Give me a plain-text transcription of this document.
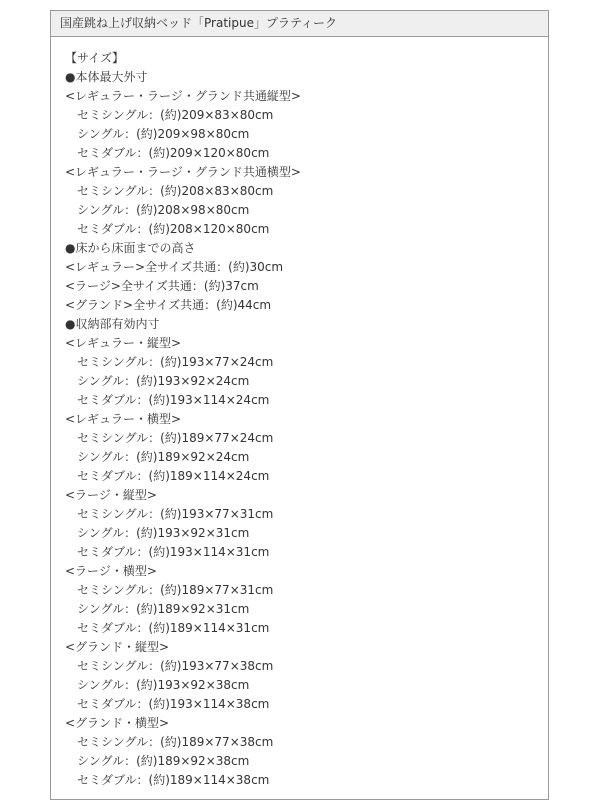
国産跳ね上げ収納ベッド「Pratipue」プラティーク
【サイズ】
●本体最大外寸
<レギュラー・ラージ・グランド共通縦型>
セミシングル：(約)209×83×80cm
シングル：(約)209×98×80cm
セミダブル：(約)209×120×80cm
<レギュラー・ラージ・グランド共通横型>
セミシングル：(約)208×83×80cm
シングル：(約)208×98×80cm
セミダブル：(約)208×120×80cm
●床から床面までの高さ
<レギュラー>全サイズ共通：(約)30cm
<ラージ>全サイズ共通：(約)37cm
<グランド>全サイズ共通：(約)44cm
●収納部有効内寸
<レギュラー・縦型>
セミシングル：(約)193×77×24cm
シングル：(約)193×92×24cm
セミダブル：(約)193×114×24cm
<レギュラー・横型>
セミシングル：(約)189×77×24cm
シングル：(約)189×92×24cm
セミダブル：(約)189×114×24cm
<ラージ・縦型>
セミシングル：(約)193×77×31cm
シングル：(約)193×92×31cm
セミダブル：(約)193×114×31cm
<ラージ・横型>
セミシングル：(約)189×77×31cm
シングル：(約)189×92×31cm
セミダブル：(約)189×114×31cm
<グランド・縦型>
セミシングル：(約)193×77×38cm
シングル：(約)193×92×38cm
セミダブル：(約)193×114×38cm
<グランド・横型>
セミシングル：(約)189×77×38cm
シングル：(約)189×92×38cm
セミダブル：(約)189×114×38cm
